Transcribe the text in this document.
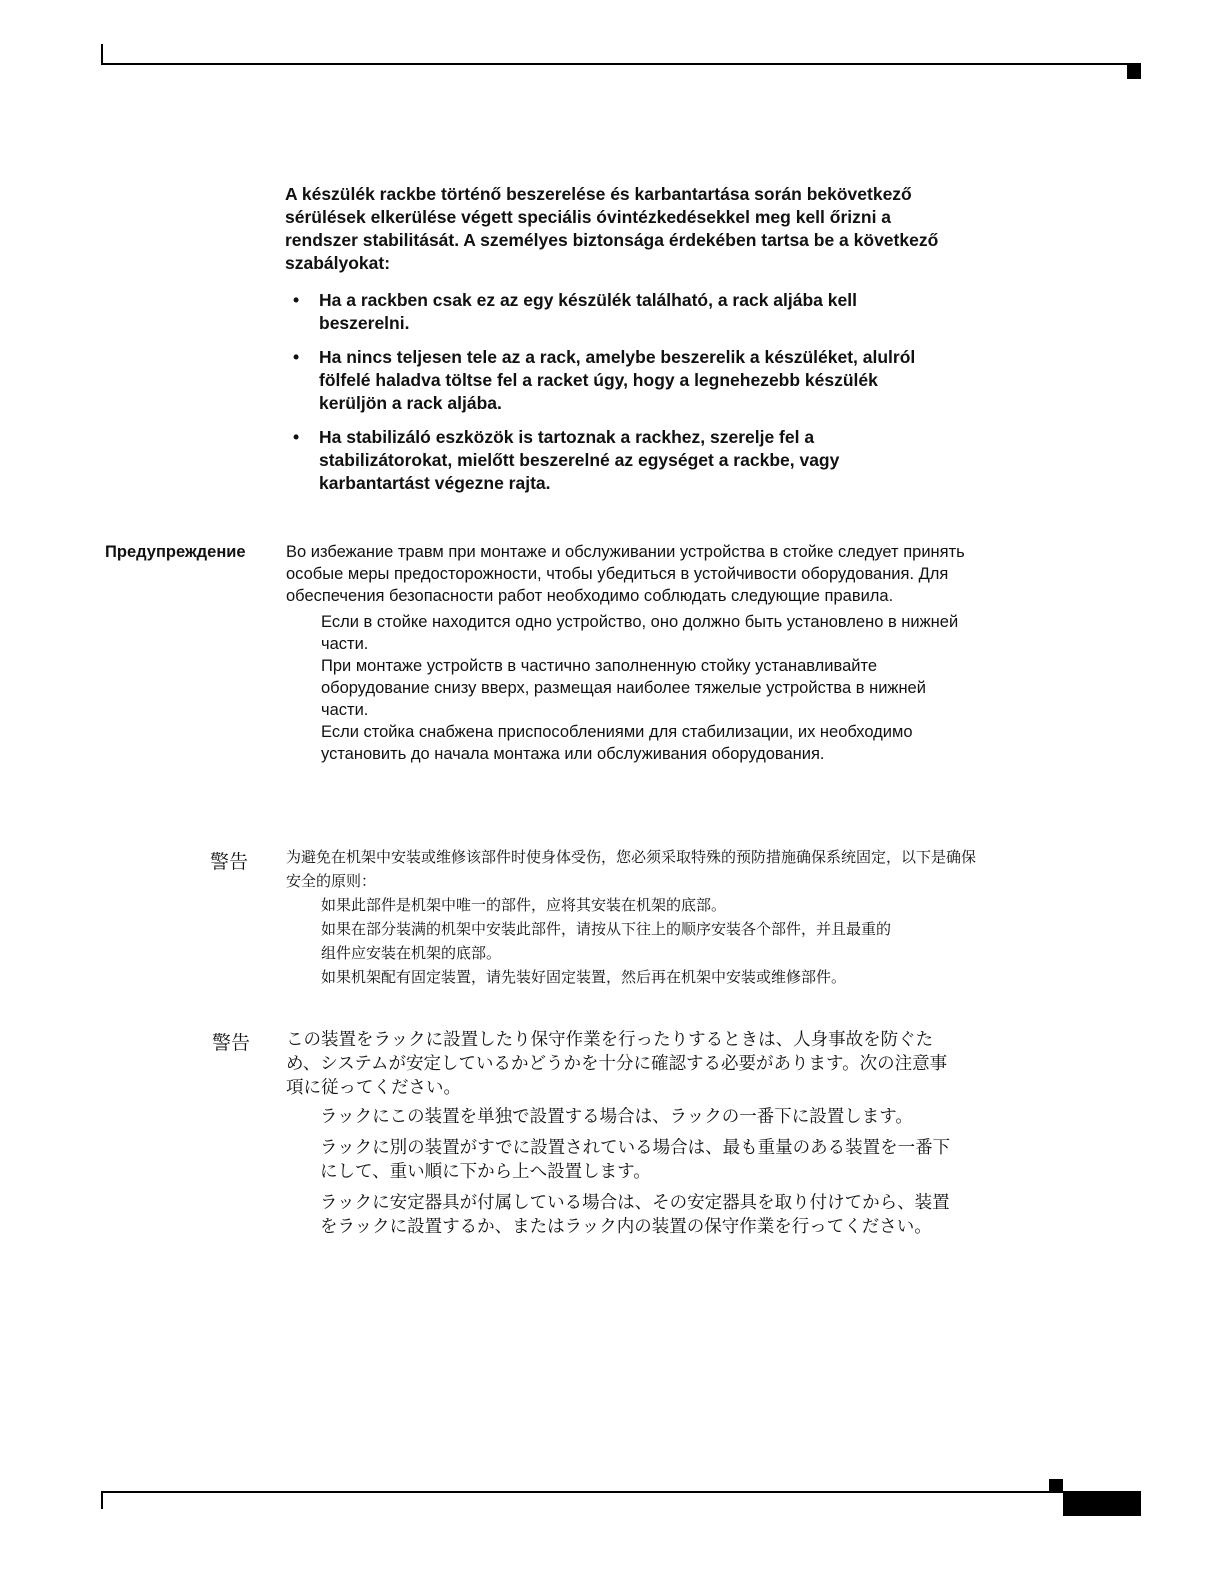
A készülék rackbe történő beszerelése és karbantartása során bekövetkező sérülések elkerülése végett speciális óvintézkedésekkel meg kell őrizni a rendszer stabilitását. A személyes biztonsága érdekében tartsa be a következő szabályokat:

• Ha a rackben csak ez az egy készülék található, a rack aljába kell beszerelni.
• Ha nincs teljesen tele az a rack, amelybe beszerelik a készüléket, alulról fölfelé haladva töltse fel a racket úgy, hogy a legnehezebb készülék kerüljön a rack aljába.
• Ha stabilizáló eszközök is tartoznak a rackhez, szerelje fel a stabilizátorokat, mielőtt beszerelné az egységet a rackbe, vagy karbantartást végezne rajta.
Предупреждение Во избежание травм при монтаже и обслуживании устройства в стойке следует принять особые меры предосторожности, чтобы убедиться в устойчивости оборудования. Для обеспечения безопасности работ необходимо соблюдать следующие правила.

Если в стойке находится одно устройство, оно должно быть установлено в нижней части.

При монтаже устройств в частично заполненную стойку устанавливайте оборудование снизу вверх, размещая наиболее тяжелые устройства в нижней части.

Если стойка снабжена приспособлениями для стабилизации, их необходимо установить до начала монтажа или обслуживания оборудования.

警告	为避免在机架中安装或维修该部件时使身体受伤，您必须采取特殊的预防措施确保系统固定，以下是确保安全的原则：

如果此部件是机架中唯一的部件，应将其安装在机架的底部。

如果在部分装满的机架中安装此部件，请按从下往上的顺序安装各个部件，并且最重的组件应安装在机架的底部。

如果机架配有固定装置，请先装好固定装置，然后再在机架中安装或维修部件。

警告 この装置をラックに設置したり保守作業を行ったりするときは、人身事故を防ぐため、システムが安定しているかどうかを十分に確認する必要があります。次の注意事項に従ってください。

ラックにこの装置を単独で設置する場合は、ラックの一番下に設置します。

ラックに別の装置がすでに設置されている場合は、最も重量のある装置を一番下にして、重い順に下から上へ設置します。

ラックに安定器具が付属している場合は、その安定器具を取り付けてから、装置をラックに設置するか、またはラック内の装置の保守作業を行ってください。
